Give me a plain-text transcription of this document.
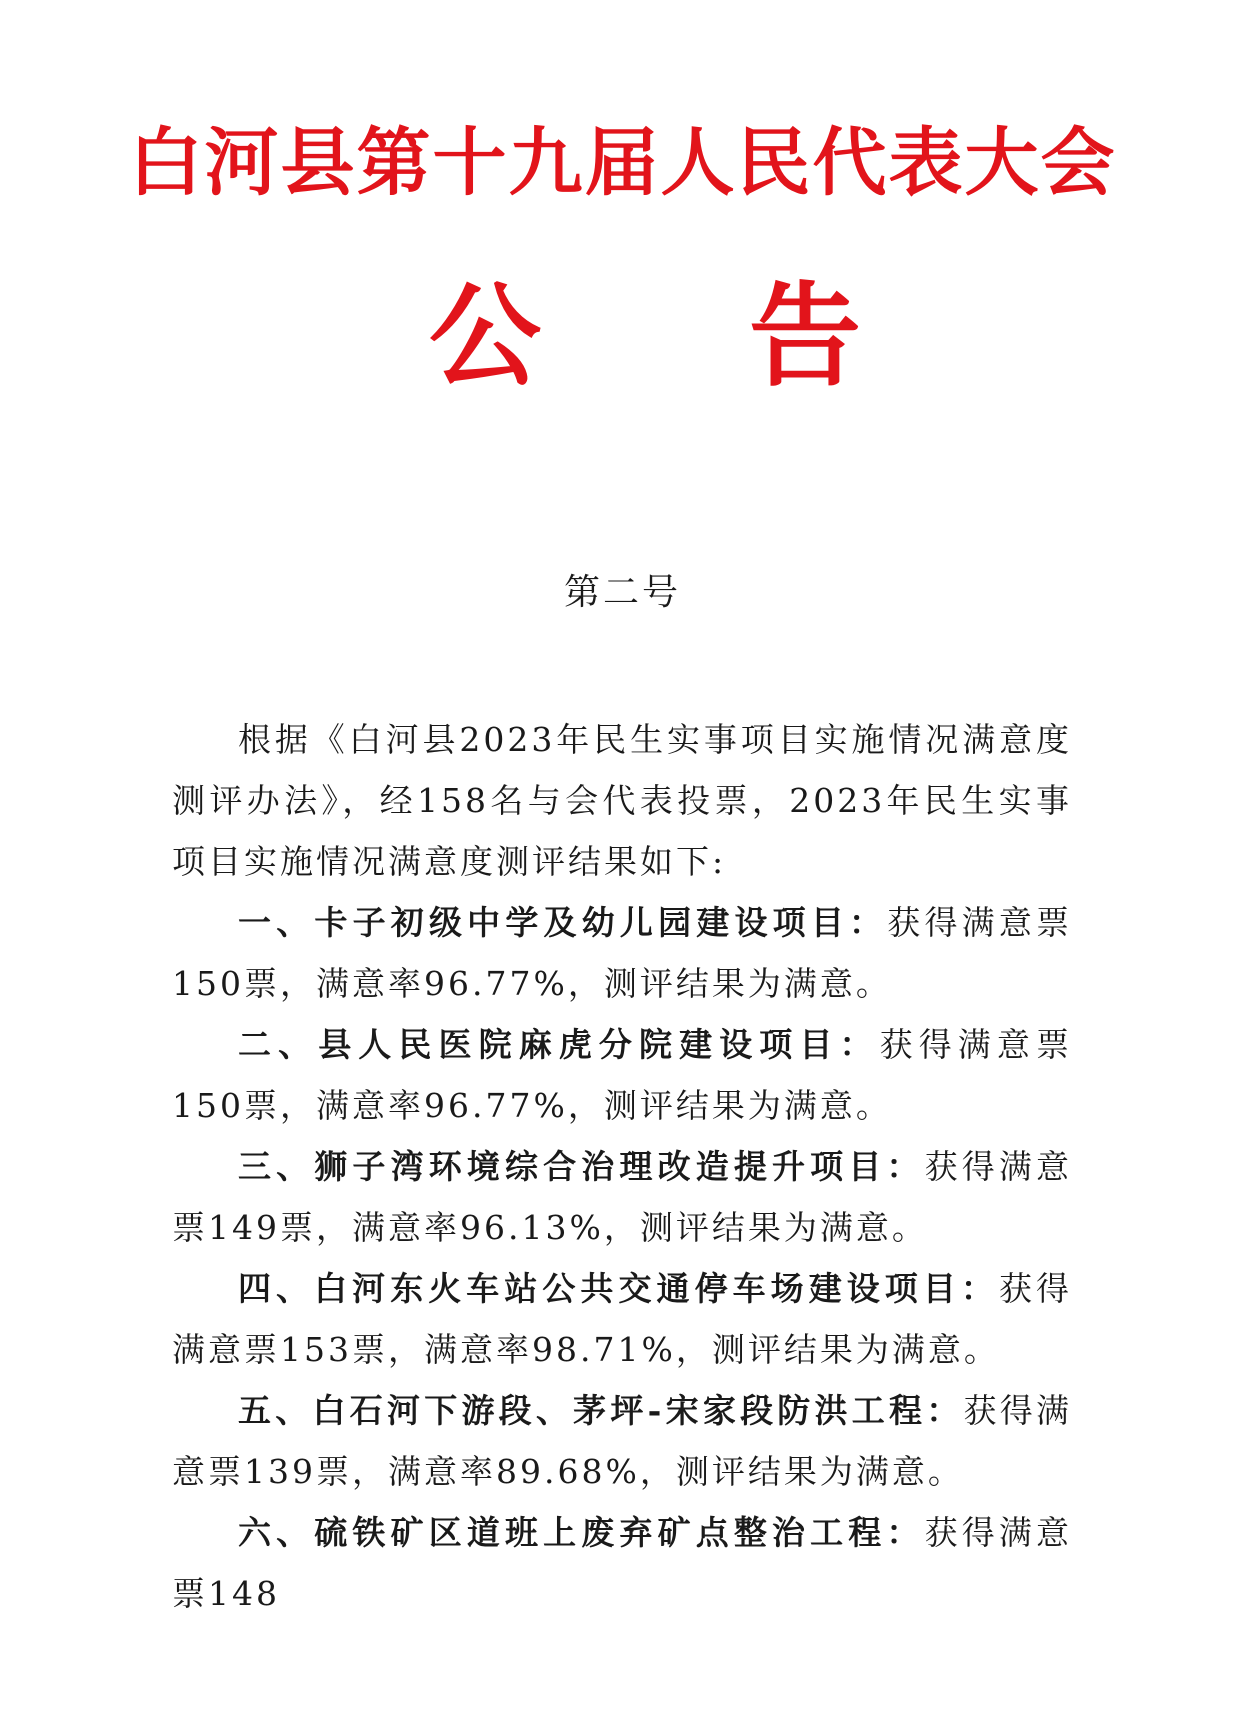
白河县第十九届人民代表大会
公 告
第二号

根据《白河县2023年民生实事项目实施情况满意度测评办法》，经158名与会代表投票，2023年民生实事项目实施情况满意度测评结果如下:

一、卡子初级中学及幼儿园建设项目：获得满意票150票，满意率96.77%，测评结果为满意。

二、县人民医院麻虎分院建设项目：获得满意票150票，满意率96.77%，测评结果为满意。

三、狮子湾环境综合治理改造提升项目：获得满意票149票，满意率96.13%，测评结果为满意。

四、白河东火车站公共交通停车场建设项目：获得满意票153票，满意率98.71%，测评结果为满意。

五、白石河下游段、茅坪-宋家段防洪工程：获得满意票139票，满意率89.68%，测评结果为满意。

六、硫铁矿区道班上废弃矿点整治工程：获得满意票148
